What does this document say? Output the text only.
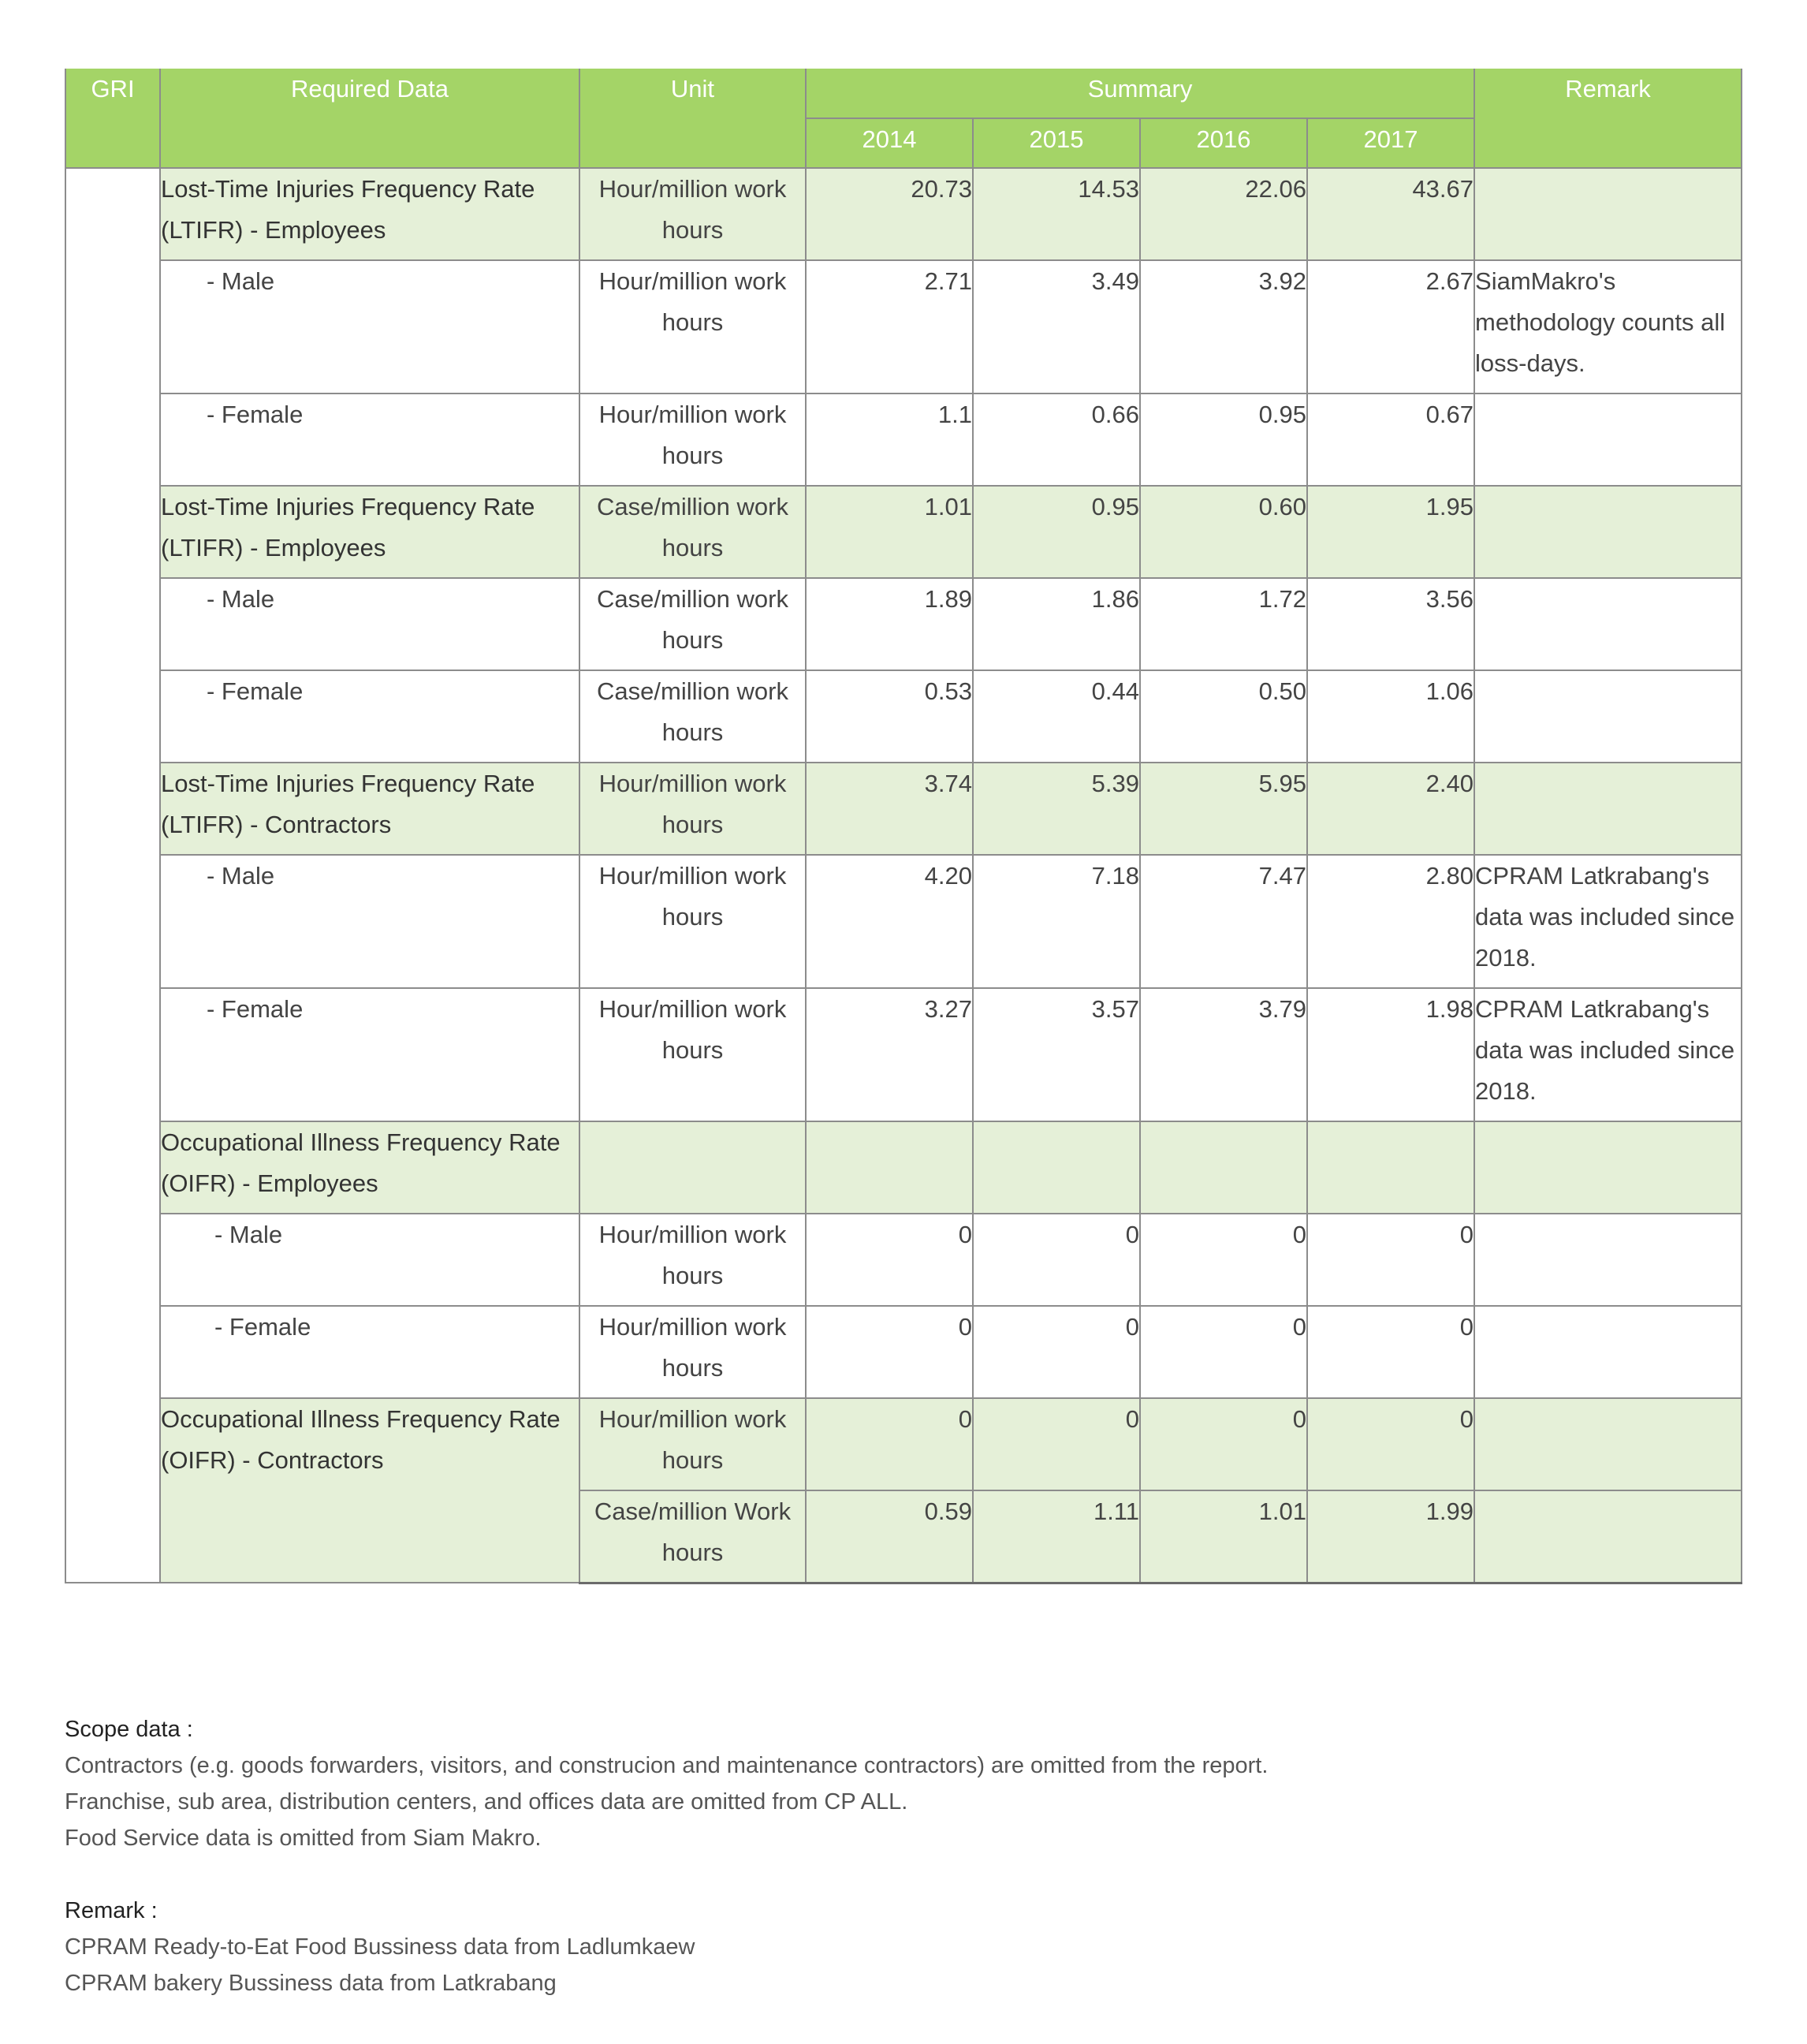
GRI	Required Data	Unit	Summary				Remark
			2014	2015	2016	2017	
	Lost-Time Injuries Frequency Rate (LTIFR) - Employees	Hour/million work hours	20.73	14.53	22.06	43.67	
	- Male	Hour/million work hours	2.71	3.49	3.92	2.67	SiamMakro's methodology counts all loss-days.
	- Female	Hour/million work hours	1.1	0.66	0.95	0.67	
	Lost-Time Injuries Frequency Rate (LTIFR) - Employees	Case/million work hours	1.01	0.95	0.60	1.95	
	- Male	Case/million work hours	1.89	1.86	1.72	3.56	
	- Female	Case/million work hours	0.53	0.44	0.50	1.06	
	Lost-Time Injuries Frequency Rate (LTIFR) - Contractors	Hour/million work hours	3.74	5.39	5.95	2.40	
	- Male	Hour/million work hours	4.20	7.18	7.47	2.80	CPRAM Latkrabang's data was included since 2018.
	- Female	Hour/million work hours	3.27	3.57	3.79	1.98	CPRAM Latkrabang's data was included since 2018.
	Occupational Illness Frequency Rate (OIFR) - Employees						
	- Male	Hour/million work hours	0	0	0	0	
	- Female	Hour/million work hours	0	0	0	0	
	Occupational Illness Frequency Rate (OIFR) - Contractors	Hour/million work hours	0	0	0	0	
		Case/million Work hours	0.59	1.11	1.01	1.99	
Scope data :
Contractors (e.g. goods forwarders, visitors, and construcion and maintenance contractors) are omitted from the report.
Franchise, sub area, distribution centers, and offices data are omitted from CP ALL.
Food Service data is omitted from Siam Makro.
Remark :
CPRAM Ready-to-Eat Food Bussiness data from Ladlumkaew
CPRAM bakery Bussiness data from Latkrabang
